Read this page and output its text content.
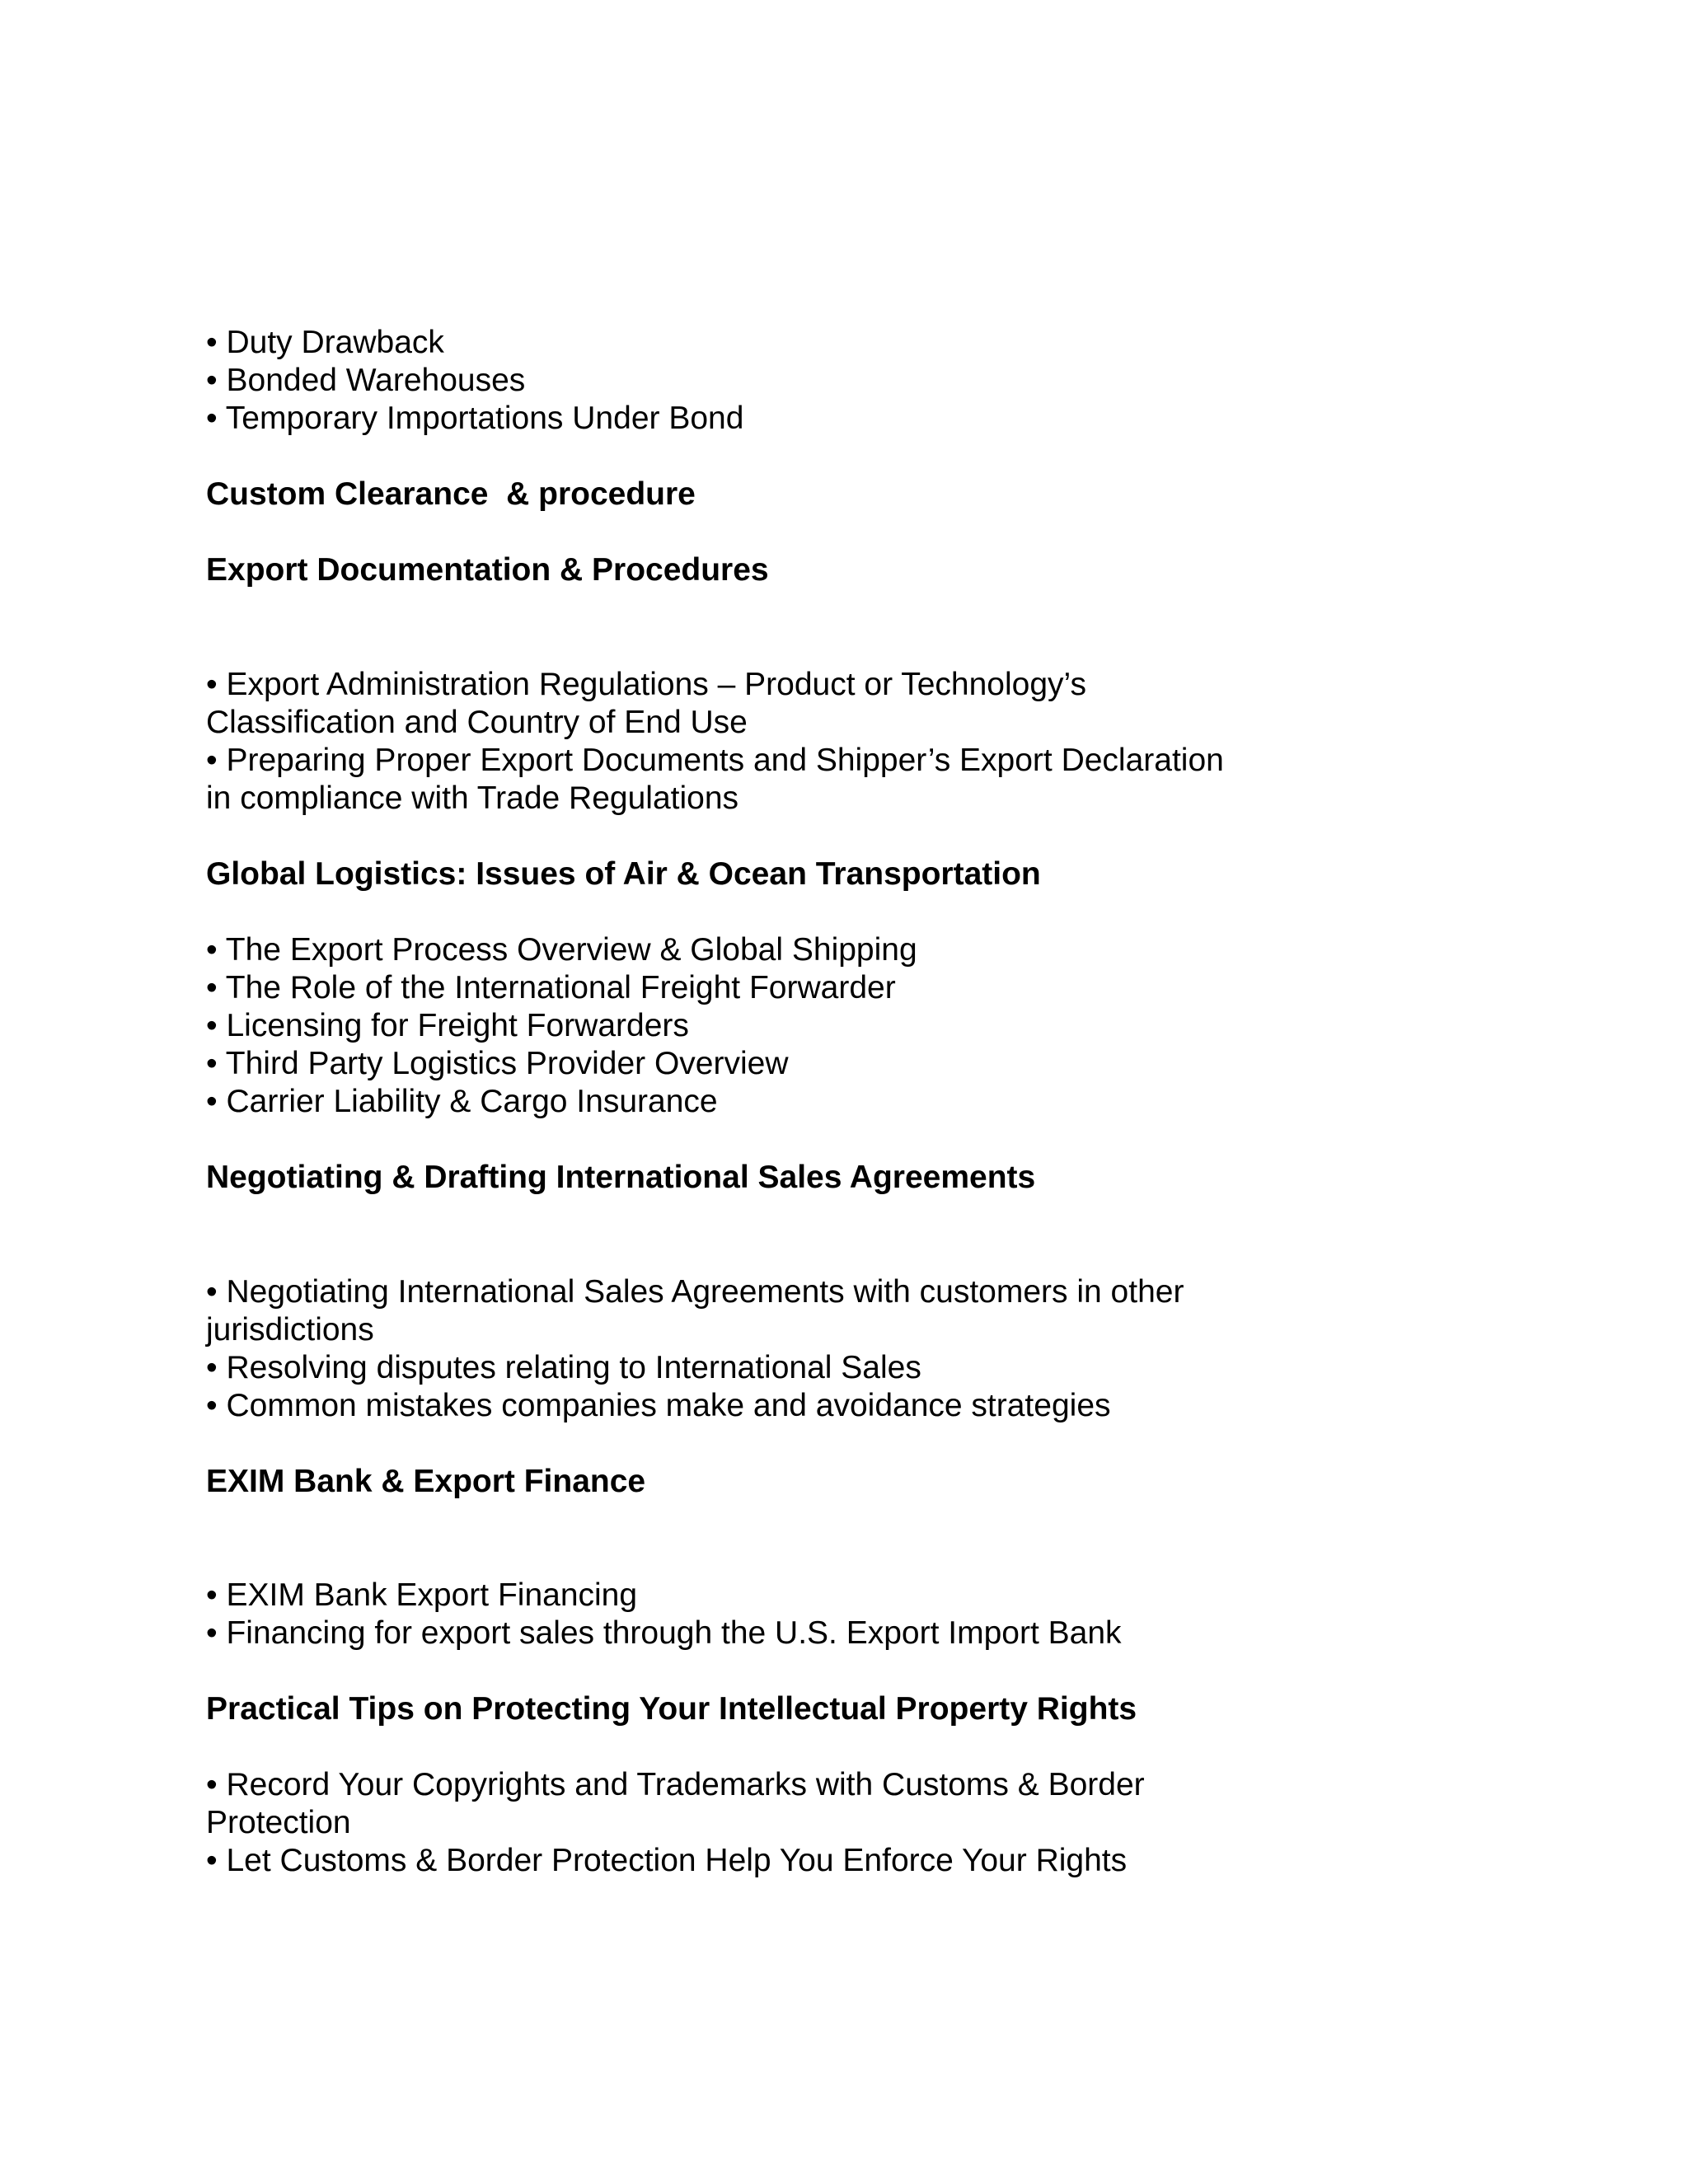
• Duty Drawback

• Bonded Warehouses

• Temporary Importations Under Bond

Custom Clearance  & procedure

Export Documentation & Procedures

• Export Administration Regulations – Product or Technology’s

Classification and Country of End Use

• Preparing Proper Export Documents and Shipper’s Export Declaration

in compliance with Trade Regulations

Global Logistics: Issues of Air & Ocean Transportation

• The Export Process Overview & Global Shipping

• The Role of the International Freight Forwarder

• Licensing for Freight Forwarders

• Third Party Logistics Provider Overview

• Carrier Liability & Cargo Insurance

Negotiating & Drafting International Sales Agreements

• Negotiating International Sales Agreements with customers in other

jurisdictions

• Resolving disputes relating to International Sales

• Common mistakes companies make and avoidance strategies

EXIM Bank & Export Finance

• EXIM Bank Export Financing

• Financing for export sales through the U.S. Export Import Bank

Practical Tips on Protecting Your Intellectual Property Rights

• Record Your Copyrights and Trademarks with Customs & Border

Protection

• Let Customs & Border Protection Help You Enforce Your Rights
